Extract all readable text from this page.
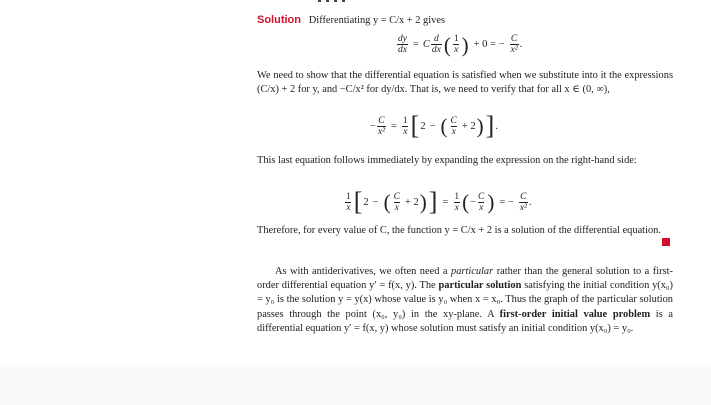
Solution Differentiating y = C/x + 2 gives
$\frac{dy}{dx} = C \frac{d}{dx}$ ( $\frac{1}{x}$ ) + 0 = − $\frac{C}{\text{x²}}$ .
We need to show that the differential equation is satisfied when we substitute into it the expressions (C/x) + 2 for y, and −C/x² for dy/dx. That is, we need to verify that for all x ∈ (0, ∞),
− $\frac{C}{\text{x²}} = \frac{1}{x}$ [ 2 − ( $\frac{C}{x} + 2$ ) ] .
This last equation follows immediately by expanding the expression on the right-hand side:
$\frac{1}{x}$ [ 2 − ( $\frac{C}{x} + 2$ ) ] = $\frac{1}{x}$ ( − $\frac{C}{x}$ ) = − $\frac{C}{\text{x²}}$ .
Therefore, for every value of C, the function y = C/x + 2 is a solution of the differential equation.
As with antiderivatives, we often need a particular rather than the general solution to a first-order differential equation y′ = f(x, y). The particular solution satisfying the initial condition y(x₀) = y₀ is the solution y = y(x) whose value is y₀ when x = x₀. Thus the graph of the particular solution passes through the point (x₀, y₀) in the xy-plane. A first-order initial value problem is a differential equation y′ = f(x, y) whose solution must satisfy an initial condition y(x₀) = y₀.
